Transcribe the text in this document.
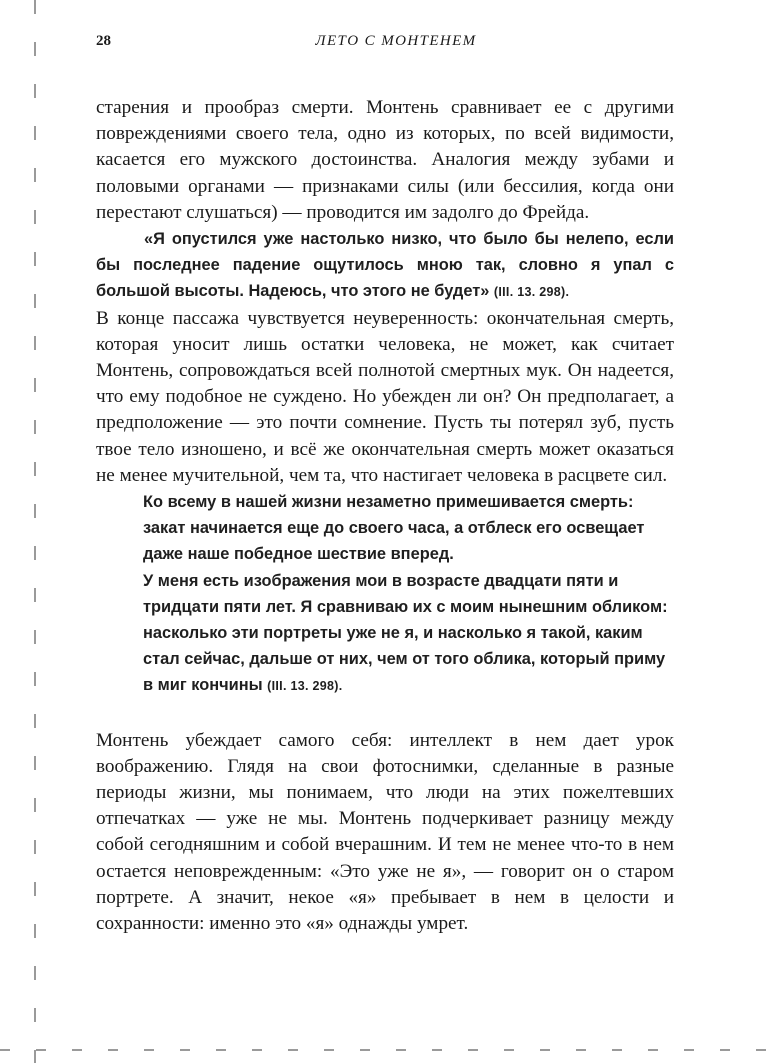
28	ЛЕТО С МОНТЕНЕМ

старения и прообраз смерти. Монтень сравнивает ее с другими повреждениями своего тела, одно из которых, по всей видимости, касается его мужского достоинства. Аналогия между зубами и половыми органами — признаками силы (или бессилия, когда они перестают слушаться) — проводится им задолго до Фрейда.

«Я опустился уже настолько низко, что было бы нелепо, если бы последнее падение ощутилось мною так, словно я упал с большой высоты. Надеюсь, что этого не будет» (III. 13. 298).

В конце пассажа чувствуется неуверенность: окончательная смерть, которая уносит лишь остатки человека, не может, как считает Монтень, сопровождаться всей полнотой смертных мук. Он надеется, что ему подобное не суждено. Но убежден ли он? Он предполагает, а предположение — это почти сомнение. Пусть ты потерял зуб, пусть твое тело изношено, и всё же окончательная смерть может оказаться не менее мучительной, чем та, что настигает человека в расцвете сил.

Ко всему в нашей жизни незаметно примешивается смерть: закат начинается еще до своего часа, а отблеск его освещает даже наше победное шествие вперед.

У меня есть изображения мои в возрасте двадцати пяти и тридцати пяти лет. Я сравниваю их с моим нынешним обликом: насколько эти портреты уже не я, и насколько я такой, каким стал сейчас, дальше от них, чем от того облика, который приму в миг кончины (III. 13. 298).

Монтень убеждает самого себя: интеллект в нем дает урок воображению. Глядя на свои фотоснимки, сделанные в разные периоды жизни, мы понимаем, что люди на этих пожелтевших отпечатках — уже не мы. Монтень подчеркивает разницу между собой сегодняшним и собой вчерашним. И тем не менее что-то в нем остается неповрежденным: «Это уже не я», — говорит он о старом портрете. А значит, некое «я» пребывает в нем в целости и сохранности: именно это «я» однажды умрет.
